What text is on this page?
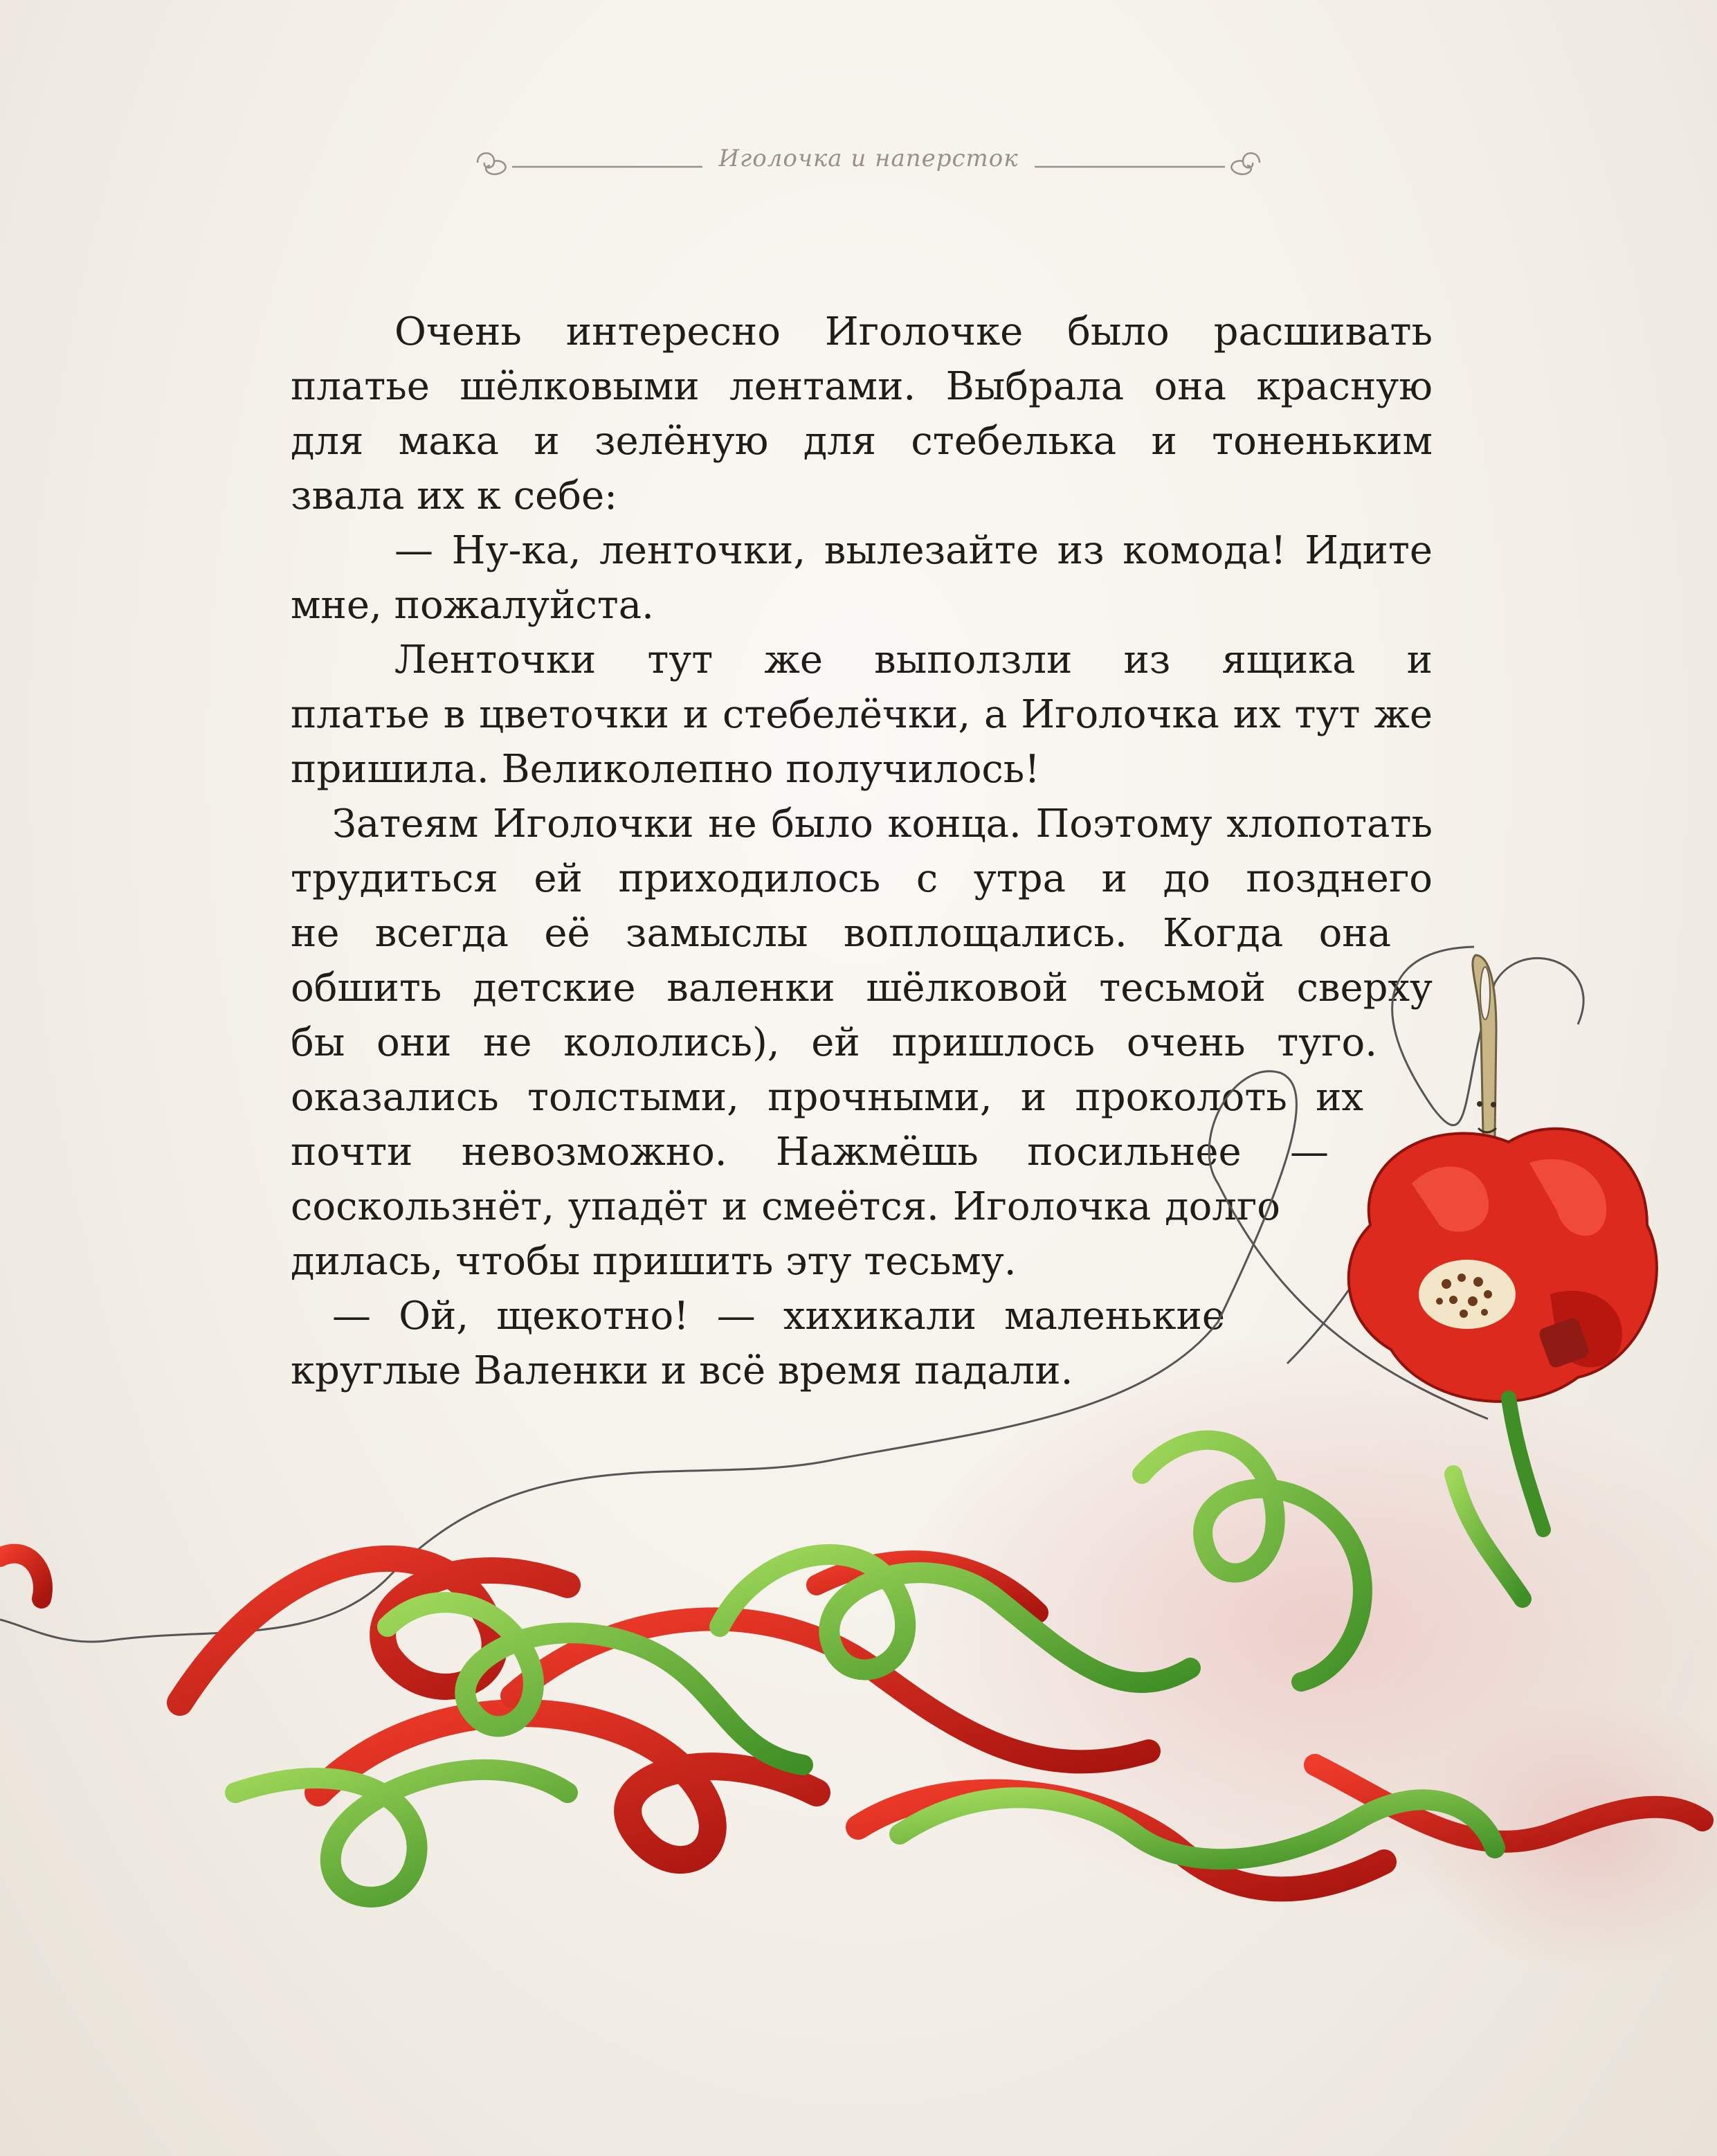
Иголочка и наперсток
Очень интересно Иголочке было расшивать
платье шёлковыми лентами. Выбрала она красную
для мака и зелёную для стебелька и тоненьким
звала их к себе:
— Ну-ка, ленточки, вылезайте из комода! Идите
мне, пожалуйста.
Ленточки тут же выползли из ящика и
платье в цветочки и стебелёчки, а Иголочка их тут же
пришила. Великолепно получилось!
Затеям Иголочки не было конца. Поэтому хлопотать
трудиться ей приходилось с утра и до позднего
не всегда её замыслы воплощались. Когда она
обшить детские валенки шёлковой тесьмой сверху
бы они не кололись), ей пришлось очень туго.
оказались толстыми, прочными, и проколоть их
почти невозможно. Нажмёшь посильнее —
соскользнёт, упадёт и смеётся. Иголочка долго
дилась, чтобы пришить эту тесьму.
— Ой, щекотно! — хихикали маленькие
круглые Валенки и всё время падали.
